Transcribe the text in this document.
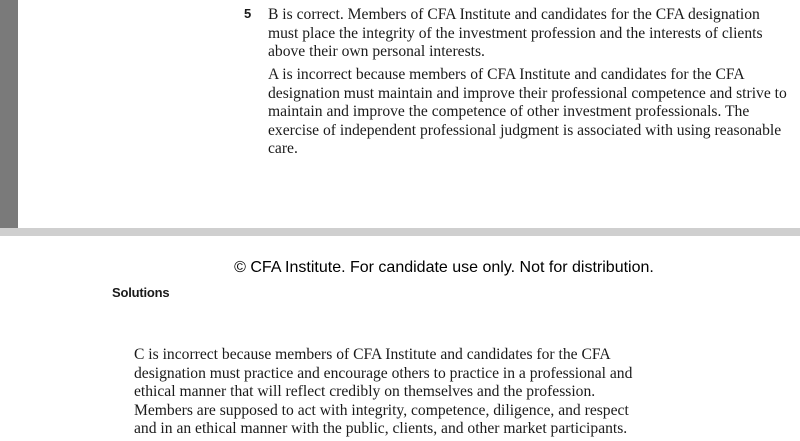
5 B is correct. Members of CFA Institute and candidates for the CFA designation must place the integrity of the investment profession and the interests of clients above their own personal interests.

A is incorrect because members of CFA Institute and candidates for the CFA designation must maintain and improve their professional competence and strive to maintain and improve the competence of other investment professionals. The exercise of independent professional judgment is associated with using reasonable care.

© CFA Institute. For candidate use only. Not for distribution.
Solutions

C is incorrect because members of CFA Institute and candidates for the CFA designation must practice and encourage others to practice in a professional and ethical manner that will reflect credibly on themselves and the profession. Members are supposed to act with integrity, competence, diligence, and respect and in an ethical manner with the public, clients, and other market participants.
